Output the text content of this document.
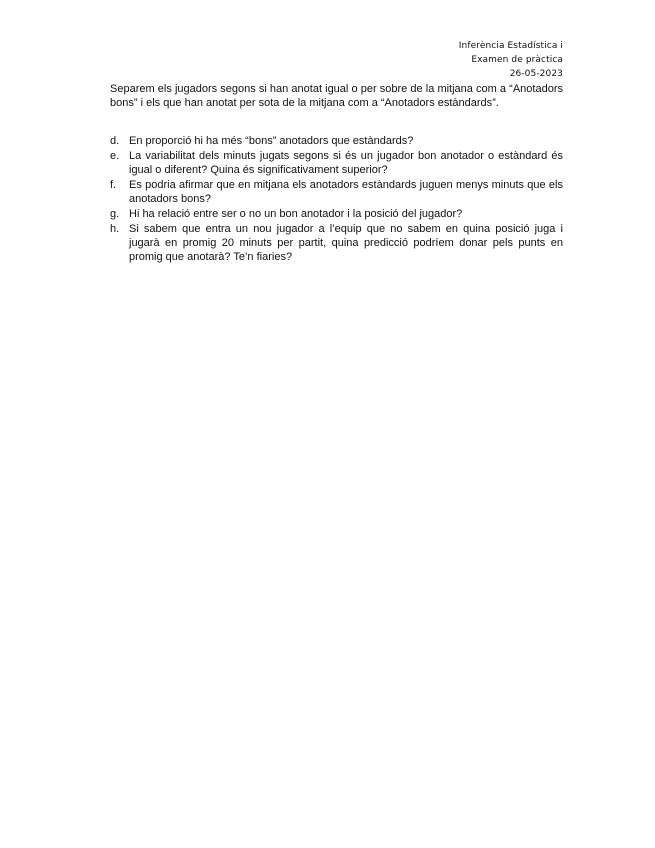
Inferència Estadística i
Examen de pràctica
26-05-2023

Separem els jugadors segons si han anotat igual o per sobre de la mitjana com a “Anotadors bons” i els que han anotat per sota de la mitjana com a “Anotadors estàndards”.

d. En proporció hi ha més “bons” anotadors que estàndards?
e. La variabilitat dels minuts jugats segons si és un jugador bon anotador o estàndard és igual o diferent? Quina és significativament superior?
f.	Es podria afirmar que en mitjana els anotadors estàndards juguen menys minuts que els anotadors bons?
g. Hi ha relació entre ser o no un bon anotador i la posició del jugador?
h. Si sabem que entra un nou jugador a l’equip que no sabem en quina posició juga i jugarà en promig 20 minuts per partit, quina predicció podríem donar pels punts en promig que anotarà? Te’n fiaries?
